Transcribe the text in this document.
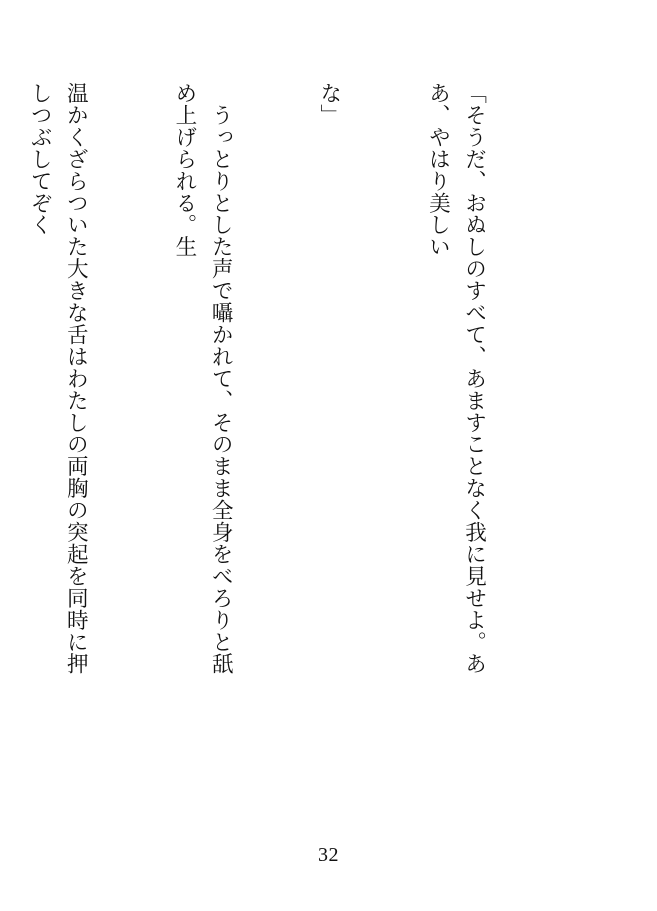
「そうだ、おぬしのすべて、あますことなく我に見せよ。ああ、やはり美しい

な」

　うっとりとした声で囁かれて、そのまま全身をべろりと舐め上げられる。生

温かくざらついた大きな舌はわたしの両胸の突起を同時に押しつぶしてぞく

32
